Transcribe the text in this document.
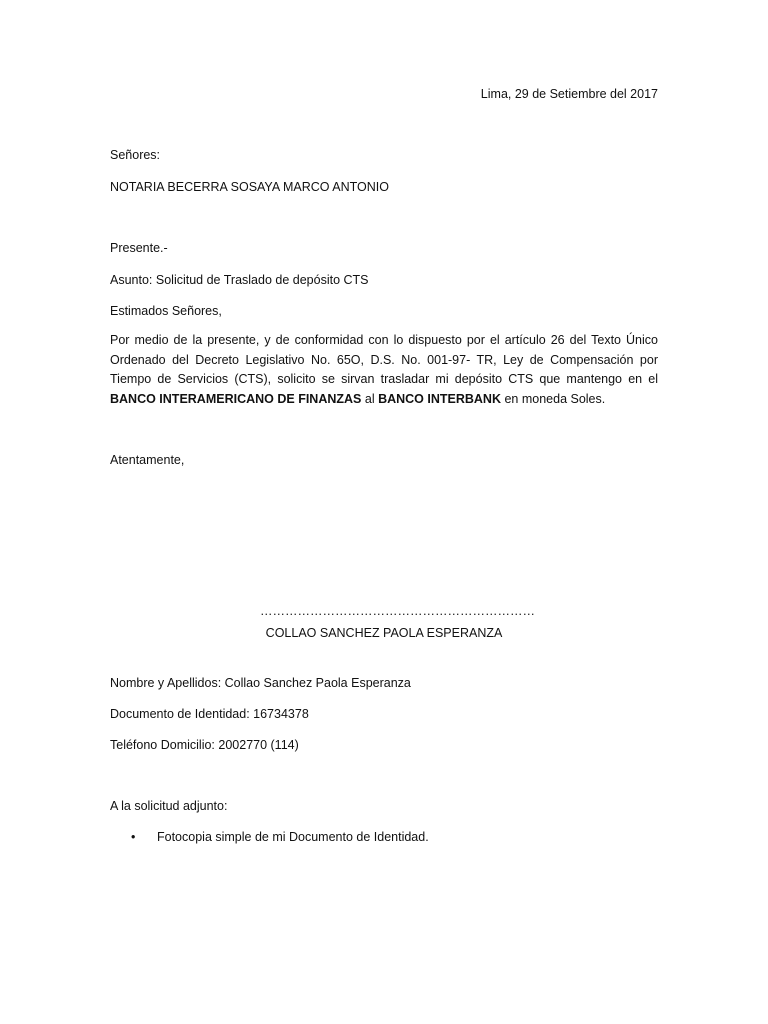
Lima, 29 de Setiembre del 2017

Señores:

NOTARIA BECERRA SOSAYA MARCO ANTONIO

Presente.-

Asunto: Solicitud de Traslado de depósito CTS

Estimados Señores,

Por medio de la presente, y de conformidad con lo dispuesto por el artículo 26 del Texto Único Ordenado del Decreto Legislativo No. 65O, D.S. No. 001-97- TR, Ley de Compensación por Tiempo de Servicios (CTS), solicito se sirvan trasladar mi depósito CTS que mantengo en el BANCO INTERAMERICANO DE FINANZAS al BANCO INTERBANK en moneda Soles.

Atentamente,

…………………………………………………………
COLLAO SANCHEZ PAOLA ESPERANZA

Nombre y Apellidos: Collao Sanchez Paola Esperanza

Documento de Identidad: 16734378

Teléfono Domicilio: 2002770 (114)

A la solicitud adjunto:

• Fotocopia simple de mi Documento de Identidad.
